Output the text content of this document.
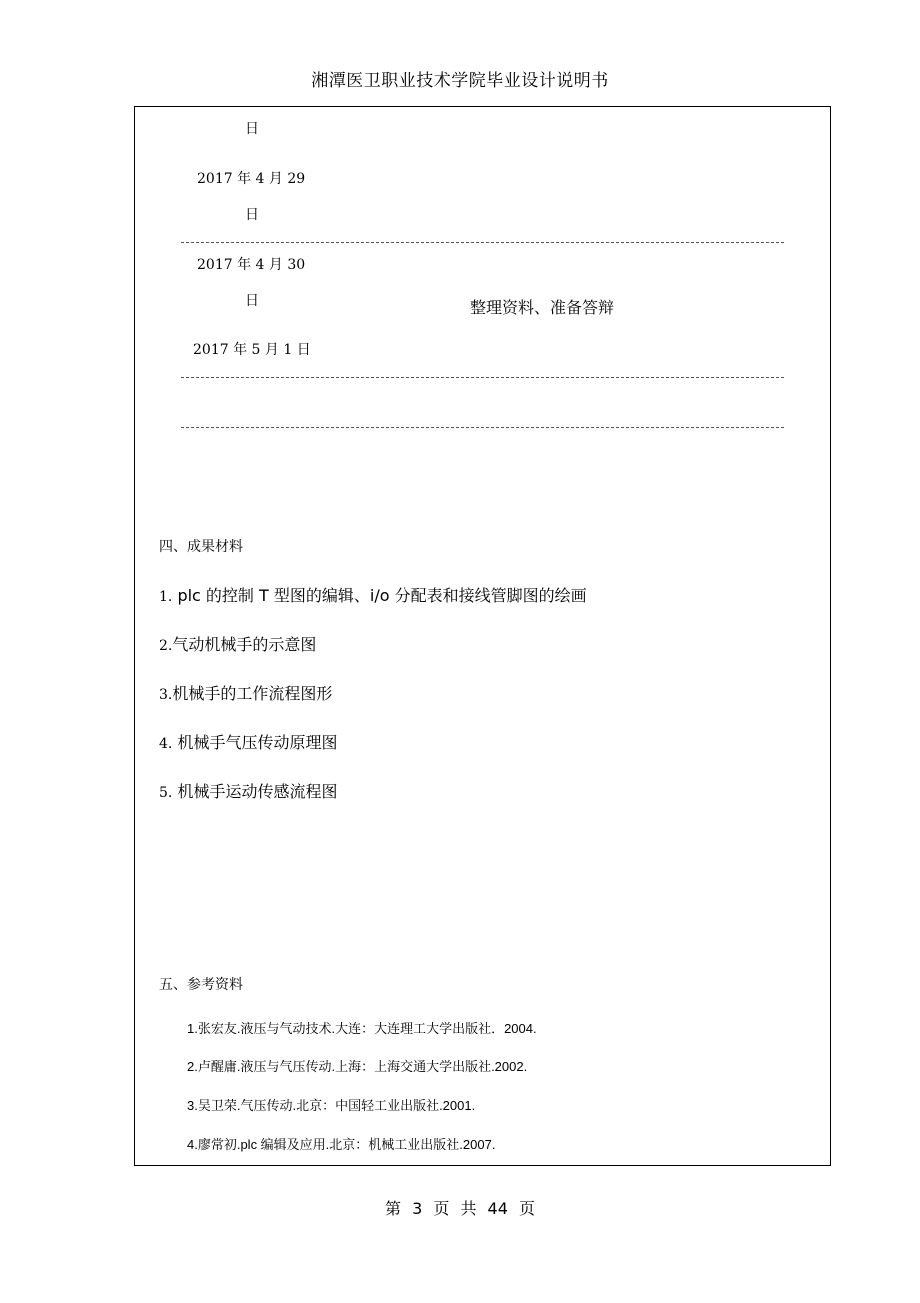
湘潭医卫职业技术学院毕业设计说明书
日
2017 年 4 月 29
日
2017 年 4 月 30
日	整理资料、准备答辩
2017 年 5 月 1 日
四、成果材料
1. plc 的控制 T 型图的编辑、i/o 分配表和接线管脚图的绘画
2.气动机械手的示意图
3.机械手的工作流程图形
4. 机械手气压传动原理图
5. 机械手运动传感流程图
五、参考资料
1.张宏友.液压与气动技术.大连：大连理工大学出版社．2004.
2.卢醒庸.液压与气压传动.上海：上海交通大学出版社.2002.
3.吴卫荣.气压传动.北京：中国轻工业出版社.2001.
4.廖常初.plc 编辑及应用.北京：机械工业出版社.2007.
第 3 页 共 44 页
